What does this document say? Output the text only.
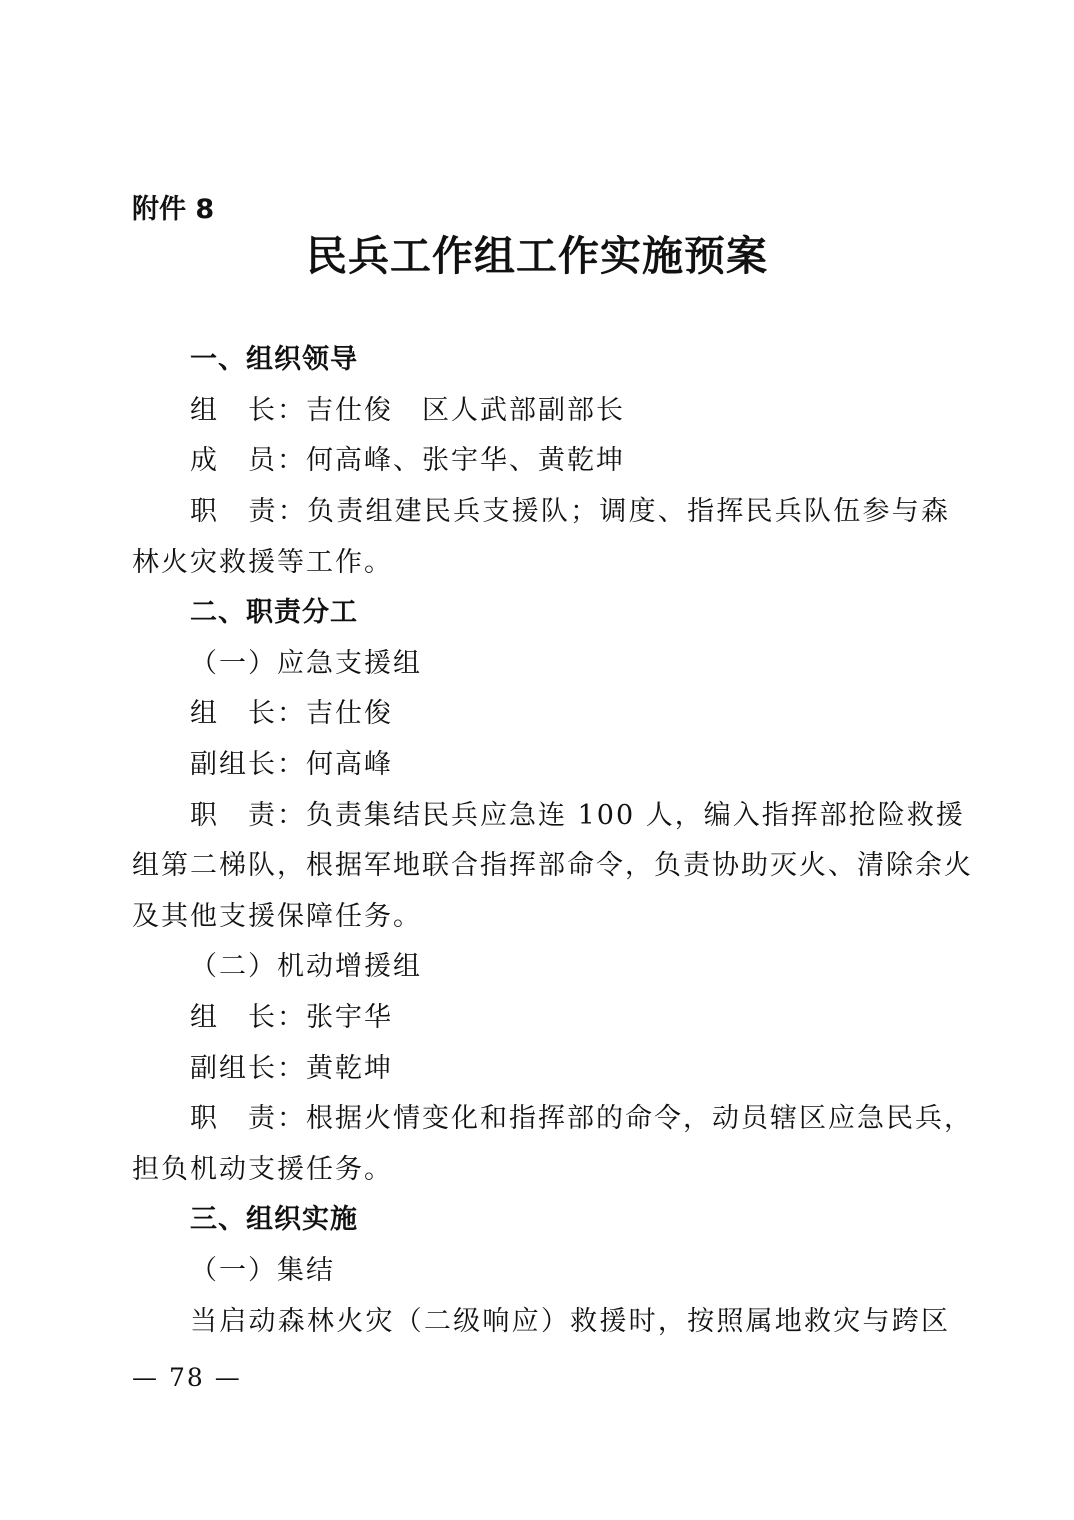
附件 8
民兵工作组工作实施预案
一、组织领导
组　长：吉仕俊　区人武部副部长
成　员：何高峰、张宇华、黄乾坤
职　责：负责组建民兵支援队；调度、指挥民兵队伍参与森
林火灾救援等工作。
二、职责分工
（一）应急支援组
组　长：吉仕俊
副组长：何高峰
职　责：负责集结民兵应急连 100 人，编入指挥部抢险救援
组第二梯队，根据军地联合指挥部命令，负责协助灭火、清除余火
及其他支援保障任务。
（二）机动增援组
组　长：张宇华
副组长：黄乾坤
职　责：根据火情变化和指挥部的命令，动员辖区应急民兵，
担负机动支援任务。
三、组织实施
（一）集结
当启动森林火灾（二级响应）救援时，按照属地救灾与跨区
— 78 —
